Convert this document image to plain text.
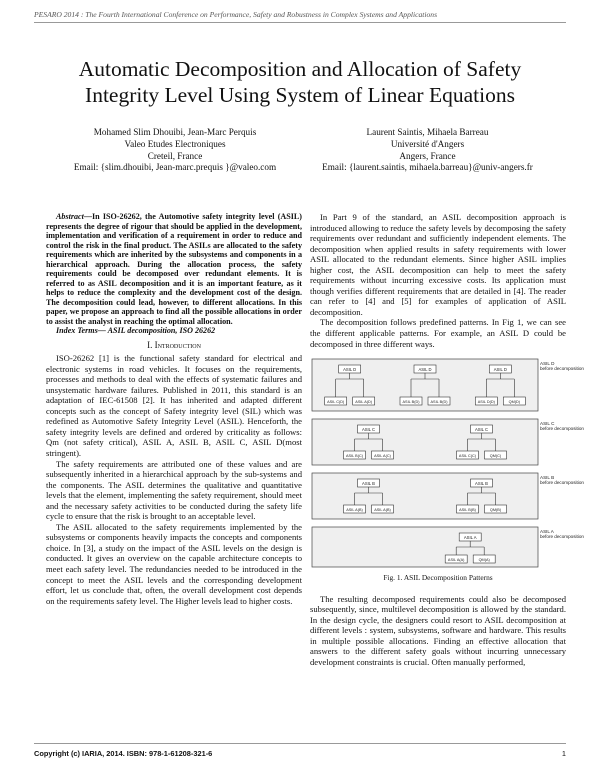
PESARO 2014 : The Fourth International Conference on Performance, Safety and Robustness in Complex Systems and Applications
Automatic Decomposition and Allocation of Safety
Integrity Level Using System of Linear Equations
Mohamed Slim Dhouibi, Jean-Marc Perquis
Valeo Etudes Electroniques
Creteil, France
Email: {slim.dhouibi, Jean-marc.prequis }@valeo.com
Laurent Saintis, Mihaela Barreau
Université d'Angers
Angers, France
Email: {laurent.saintis, mihaela.barreau}@univ-angers.fr

Abstract—In ISO-26262, the Automotive safety integrity level (ASIL) represents the degree of rigour that should be applied in the development, implementation and verification of a requirement in order to reduce and control the risk in the final product. The ASILs are allocated to the safety requirements which are inherited by the subsystems and components in a hierarchical approach. During the allocation process, the safety requirements could be decomposed over redundant elements. It is referred to as ASIL decomposition and it is an important feature, as it helps to reduce the complexity and the development cost of the design. The decomposition could lead, however, to different allocations. In this paper, we propose an approach to find all the possible allocations in order to assist the analyst in reaching the optimal allocation.

Index Terms— ASIL decomposition, ISO 26262

I. Introduction

ISO-26262 [1] is the functional safety standard for electrical and electronic systems in road vehicles. It focuses on the requirements, processes and methods to deal with the effects of systematic failures and unsystematic hardware failures. Published in 2011, this standard is an adaptation of IEC-61508 [2]. It has inherited and adapted different concepts such as the concept of Safety integrity level (SIL) which was redefined as Automotive Safety Integrity Level (ASIL). Henceforth, the safety integrity levels are defined and ordered by criticality as follows: Qm (not safety critical), ASIL A, ASIL B, ASIL C, ASIL D(most stringent).

The safety requirements are attributed one of these values and are subsequently inherited in a hierarchical approach by the sub-systems and the components. The ASIL determines the qualitative and quantitative levels that the element, implementing the safety requirement, should meet and the necessary safety activities to be conducted during the safety life cycle to ensure that the risk is brought to an acceptable level.

The ASIL allocated to the safety requirements implemented by the subsystems or components heavily impacts the concepts and components choice. In [3], a study on the impact of the ASIL levels on the design is conducted. It gives an overview on the capable architecture concepts to meet each safety level. The redundancies needed to be introduced in the concept to meet the ASIL levels and the corresponding development effort, let us conclude that, often, the overall development cost depends on the requirements safety level. The Higher levels lead to higher costs.

In Part 9 of the standard, an ASIL decomposition approach is introduced allowing to reduce the safety levels by decomposing the safety requirements over redundant and sufficiently independent elements. The decomposition when applied results in safety requirements with lower ASIL allocated to the redundant elements. Since higher ASIL implies higher cost, the ASIL decomposition can help to meet the safety requirements without incurring excessive costs. Its application must though verifies different requirements that are detailed in [4]. The reader can refer to [4] and [5] for examples of application of ASIL decomposition.

The decomposition follows predefined patterns. In Fig 1, we can see the different applicable patterns. For example, an ASIL D could be decomposed in three different ways.

ASIL D
before decomposition
ASIL D
ASIL C(D)	ASIL A(D)
ASIL D
ASIL B(D)	ASIL B(D)
ASIL D
ASIL D(D)	QM(D)
ASIL C
before decomposition
ASIL C
ASIL B(C)	ASIL A(C)
ASIL C
ASIL C(C)	QM(C)
ASIL B
before decomposition
ASIL B
ASIL A(B)	ASIL A(B)
ASIL B
ASIL B(B)	QM(B)
ASIL A
before decomposition
ASIL A
ASIL A(A)	QM(A)

Fig. 1. ASIL Decomposition Patterns

The resulting decomposed requirements could also be decomposed subsequently, since, multilevel decomposition is allowed by the standard. In the design cycle, the designers could resort to ASIL decomposition at different levels : system, subsystems, software and hardware. This results in multiple possible allocations. Finding an effective allocation that answers to the different safety goals without incurring unnecessary development constraints is crucial. Often manually performed,

Copyright (c) IARIA, 2014. ISBN: 978-1-61208-321-6	1
